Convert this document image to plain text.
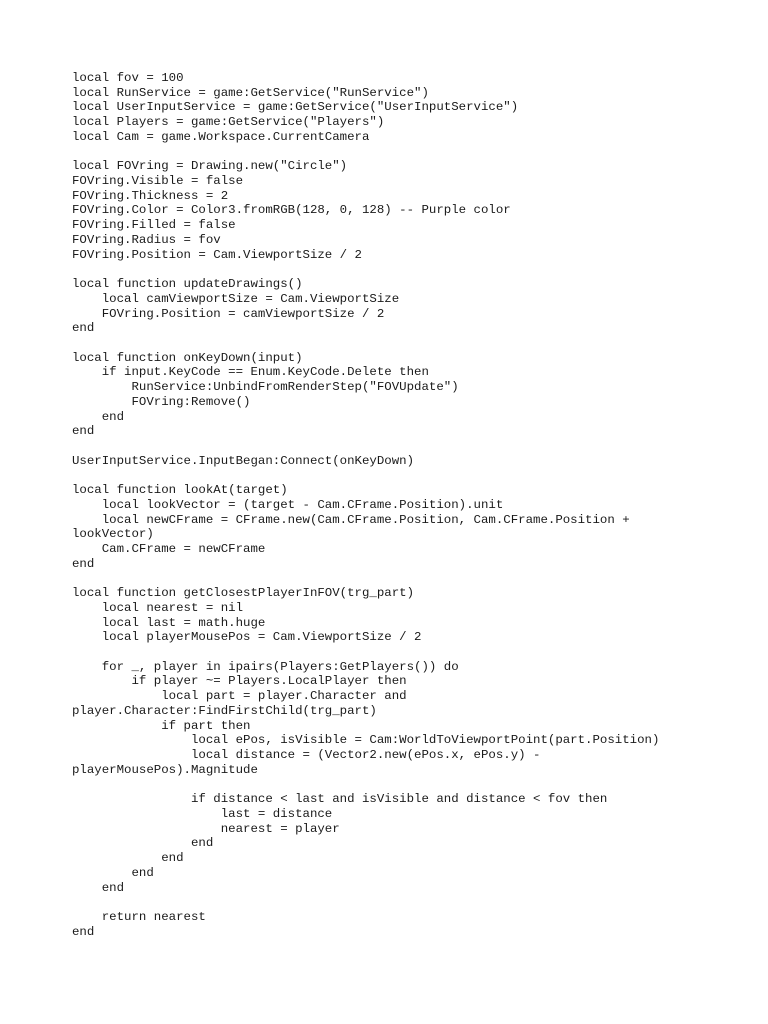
local fov = 100
local RunService = game:GetService("RunService")
local UserInputService = game:GetService("UserInputService")
local Players = game:GetService("Players")
local Cam = game.Workspace.CurrentCamera
local FOVring = Drawing.new("Circle")
FOVring.Visible = false
FOVring.Thickness = 2
FOVring.Color = Color3.fromRGB(128, 0, 128) -- Purple color
FOVring.Filled = false
FOVring.Radius = fov
FOVring.Position = Cam.ViewportSize / 2
local function updateDrawings()
local camViewportSize = Cam.ViewportSize
FOVring.Position = camViewportSize / 2
end
local function onKeyDown(input)
if input.KeyCode == Enum.KeyCode.Delete then
RunService:UnbindFromRenderStep("FOVUpdate")
FOVring:Remove()
end
end
UserInputService.InputBegan:Connect(onKeyDown)
local function lookAt(target)
local lookVector = (target - Cam.CFrame.Position).unit
local newCFrame = CFrame.new(Cam.CFrame.Position, Cam.CFrame.Position +
lookVector)
Cam.CFrame = newCFrame
end
local function getClosestPlayerInFOV(trg_part)
local nearest = nil
local last = math.huge
local playerMousePos = Cam.ViewportSize / 2
for _, player in ipairs(Players:GetPlayers()) do
if player ~= Players.LocalPlayer then
local part = player.Character and
player.Character:FindFirstChild(trg_part)
if part then
local ePos, isVisible = Cam:WorldToViewportPoint(part.Position)
local distance = (Vector2.new(ePos.x, ePos.y) -
playerMousePos).Magnitude
if distance < last and isVisible and distance < fov then
last = distance
nearest = player
end
end
end
end
return nearest
end
